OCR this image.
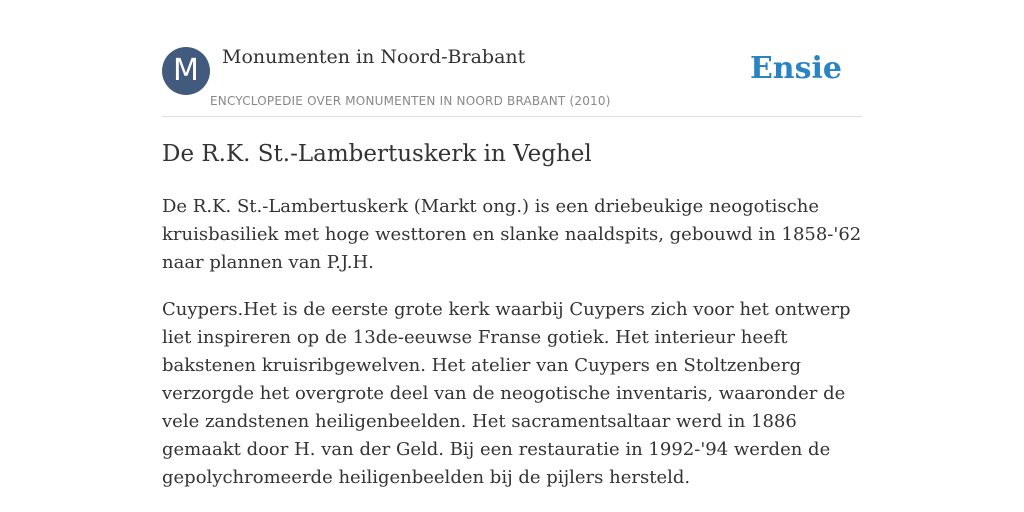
M	Monumenten in Noord-Brabant
ENCYCLOPEDIE OVER MONUMENTEN IN NOORD BRABANT (2010)
Ensie
De R.K. St.-Lambertuskerk in Veghel

De R.K. St.-Lambertuskerk (Markt ong.) is een driebeukige neogotische kruisbasiliek met hoge westtoren en slanke naaldspits, gebouwd in 1858-'62 naar plannen van P.J.H.

Cuypers.Het is de eerste grote kerk waarbij Cuypers zich voor het ontwerp liet inspireren op de 13de-eeuwse Franse gotiek. Het interieur heeft bakstenen kruisribgewelven. Het atelier van Cuypers en Stoltzenberg verzorgde het overgrote deel van de neogotische inventaris, waaronder de vele zandstenen heiligenbeelden. Het sacramentsaltaar werd in 1886 gemaakt door H. van der Geld. Bij een restauratie in 1992-'94 werden de gepolychromeerde heiligenbeelden bij de pijlers hersteld.
